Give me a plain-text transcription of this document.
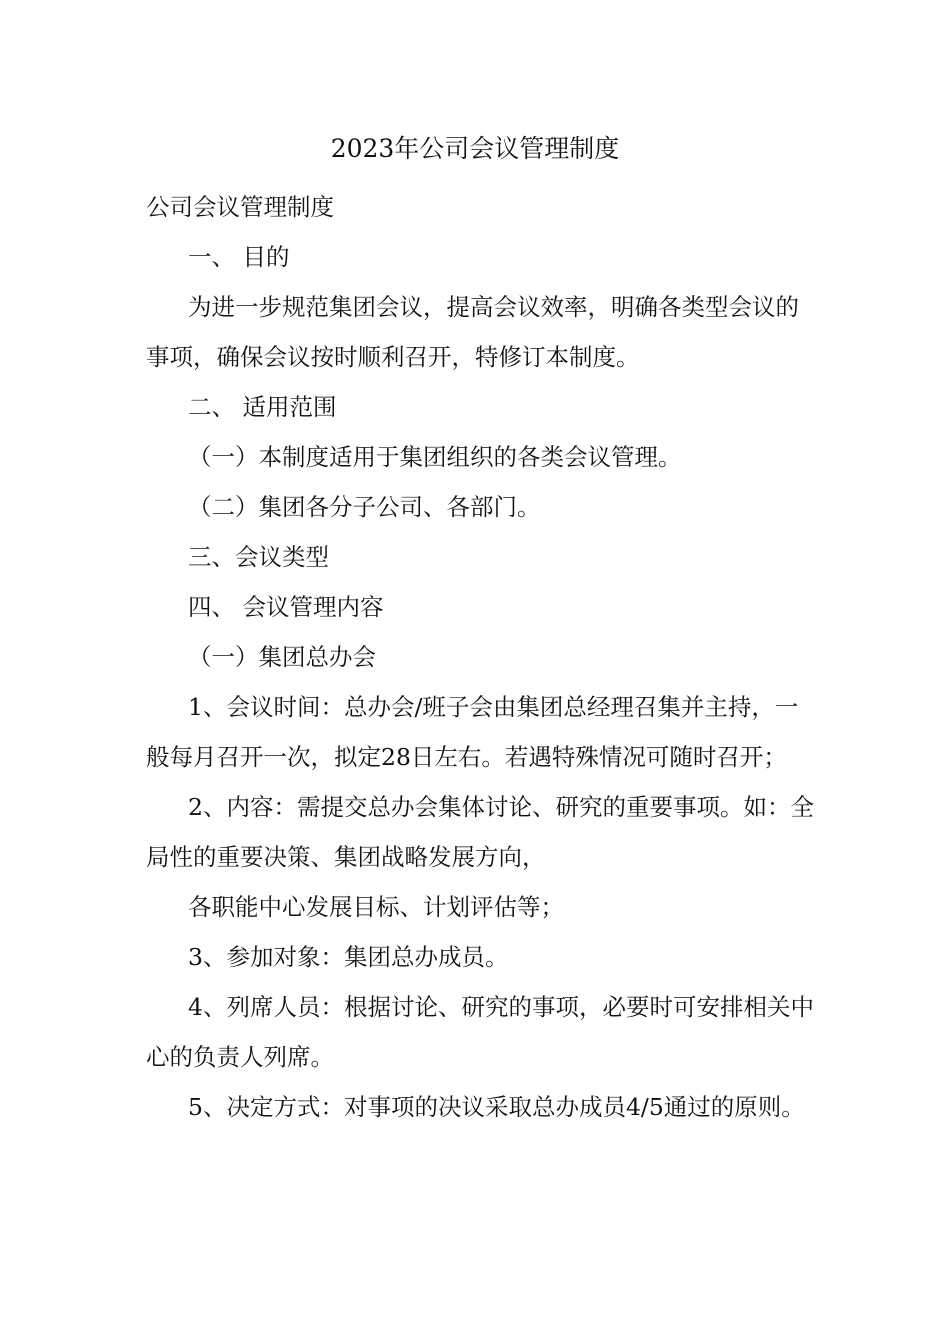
2023年公司会议管理制度

公司会议管理制度

一、 目的

为进一步规范集团会议，提高会议效率，明确各类型会议的事项，确保会议按时顺利召开，特修订本制度。

二、 适用范围

（一）本制度适用于集团组织的各类会议管理。

（二）集团各分子公司、各部门。

三、会议类型

四、 会议管理内容

（一）集团总办会

1、会议时间：总办会/班子会由集团总经理召集并主持，一般每月召开一次，拟定28日左右。若遇特殊情况可随时召开；

2、内容：需提交总办会集体讨论、研究的重要事项。如：全局性的重要决策、集团战略发展方向，

各职能中心发展目标、计划评估等；

3、参加对象：集团总办成员。

4、列席人员：根据讨论、研究的事项，必要时可安排相关中心的负责人列席。

5、决定方式：对事项的决议采取总办成员4/5通过的原则。
